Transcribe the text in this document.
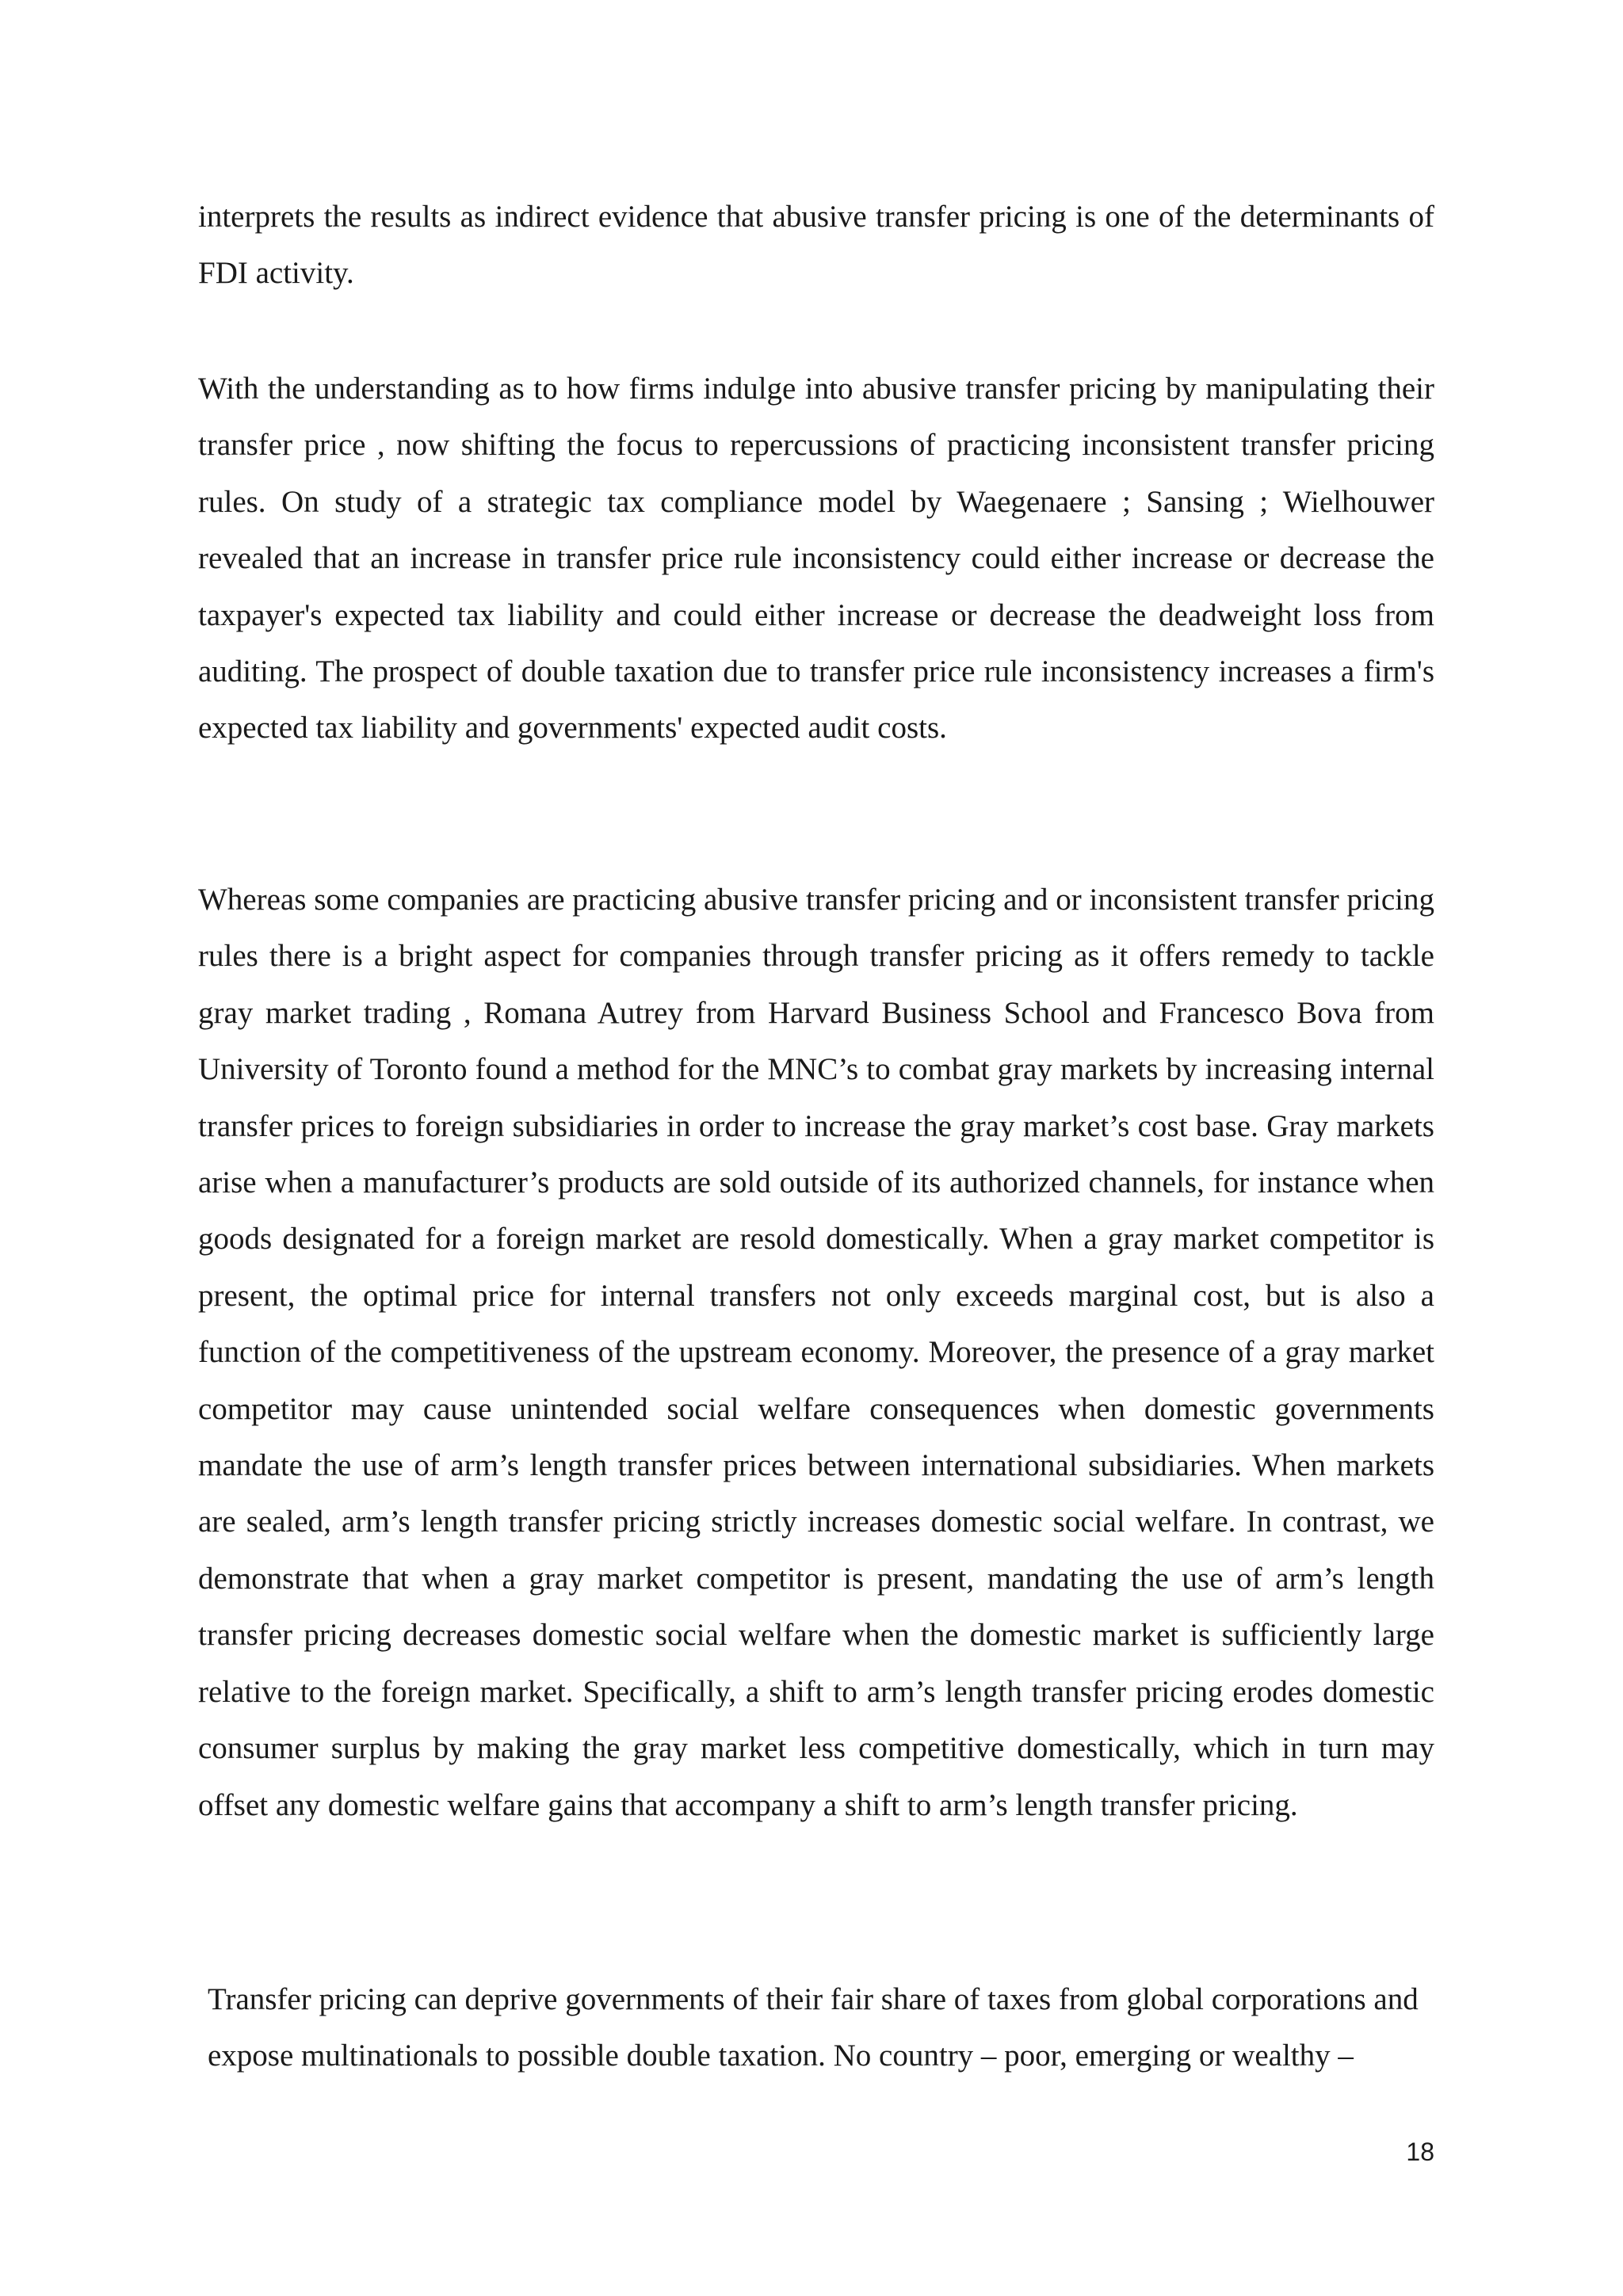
interprets the results as indirect evidence that abusive transfer pricing is one of the determinants of FDI activity.

With the understanding as to how firms indulge into abusive transfer pricing by manipulating their transfer price , now shifting the focus to repercussions of practicing inconsistent transfer pricing rules. On study of a strategic tax compliance model by Waegenaere ; Sansing ; Wielhouwer revealed that an increase in transfer price rule inconsistency could either increase or decrease the taxpayer's expected tax liability and could either increase or decrease the deadweight loss from auditing. The prospect of double taxation due to transfer price rule inconsistency increases a firm's expected tax liability and governments' expected audit costs.

Whereas some companies are practicing abusive transfer pricing and or inconsistent transfer pricing rules there is a bright aspect for companies through transfer pricing as it offers remedy to tackle gray market trading , Romana Autrey from Harvard Business School and Francesco Bova from University of Toronto found a method for the MNC’s to combat gray markets by increasing internal transfer prices to foreign subsidiaries in order to increase the gray market’s cost base. Gray markets arise when a manufacturer’s products are sold outside of its authorized channels, for instance when goods designated for a foreign market are resold domestically. When a gray market competitor is present, the optimal price for internal transfers not only exceeds marginal cost, but is also a function of the competitiveness of the upstream economy. Moreover, the presence of a gray market competitor may cause unintended social welfare consequences when domestic governments mandate the use of arm’s length transfer prices between international subsidiaries. When markets are sealed, arm’s length transfer pricing strictly increases domestic social welfare. In contrast, we demonstrate that when a gray market competitor is present, mandating the use of arm’s length transfer pricing decreases domestic social welfare when the domestic market is sufficiently large relative to the foreign market. Specifically, a shift to arm’s length transfer pricing erodes domestic consumer surplus by making the gray market less competitive domestically, which in turn may offset any domestic welfare gains that accompany a shift to arm’s length transfer pricing.

Transfer pricing can deprive governments of their fair share of taxes from global corporations and expose multinationals to possible double taxation. No country – poor, emerging or wealthy –

18
